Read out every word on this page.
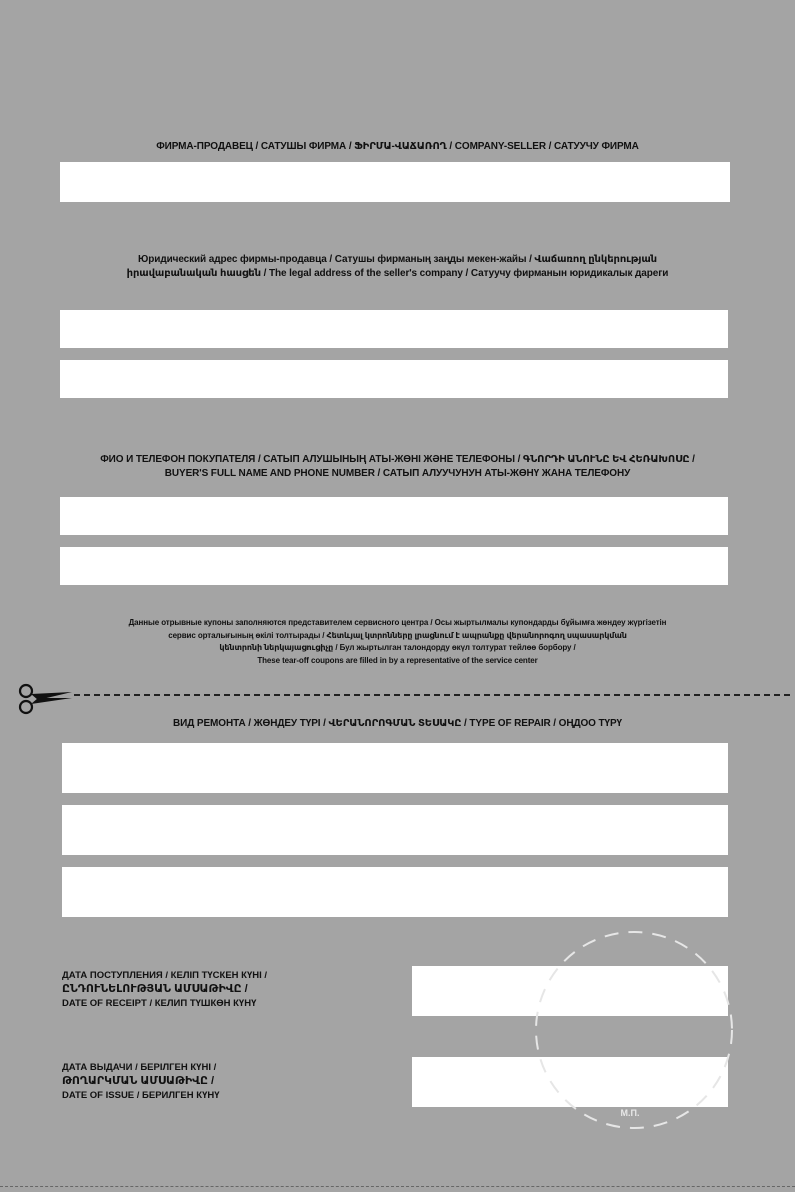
ФИРМА-ПРОДАВЕЦ / САТУШЫ ФИРМА / ՖԻՐՄԱ-ՎԱՃԱՌՈՂ / COMPANY-SELLER / САТУУЧУ ФИРМА
Юридический адрес фирмы-продавца / Сатушы фирманың заңды мекен-жайы / Վաճառող ընկերության
իրավաբանական հասցեն / The legal address of the seller's company / Сатуучу фирманын юридикалык дареги
ФИО И ТЕЛЕФОН ПОКУПАТЕЛЯ / САТЫП АЛУШЫНЫҢ АТЫ-ЖӨНІ ЖӘНЕ ТЕЛЕФОНЫ / ԳՆՈՐԴԻ ԱՆՈՒՆԸ ԵՎ ՀԵՌԱԽՈՍԸ /
BUYER'S FULL NAME AND PHONE NUMBER / САТЫП АЛУУЧУНУН АТЫ-ЖӨНҮ ЖАНА ТЕЛЕФОНУ
Данные отрывные купоны заполняются представителем сервисного центра / Осы жыртылмалы купондарды бұйымға жөндеу жүргізетін
сервис орталығының өкілі толтырады / Հետևյալ կտրոնները լրացնում է ապրանքը վերանորոգող սպասարկման
կենտրոնի ներկայացուցիչը / Бул жыртылган талондорду өкүл толтурат тейлөө борбору /
These tear-off coupons are filled in by a representative of the service center
ВИД РЕМОНТА / ЖӨНДЕУ ТҮРІ / ՎԵՐԱՆՈՐՈԳՄԱՆ ՏԵՍԱԿԸ / TYPE OF REPAIR / ОҢДОО ТҮРҮ
ДАТА ПОСТУПЛЕНИЯ / КЕЛІП ТҮСКЕН КҮНІ /
ԸՆԴՈՒՆԵԼՈՒԹՅԱՆ ԱՄՍԱԹԻՎԸ /
DATE OF RECEIPT / КЕЛИП ТҮШКӨН КҮНҮ
ДАТА ВЫДАЧИ / БЕРІЛГЕН КҮНІ /
ԹՈՂԱՐԿՄԱՆ ԱՄՍԱԹԻՎԸ /
DATE OF ISSUE / БЕРИЛГЕН КҮНҮ
М.П.
